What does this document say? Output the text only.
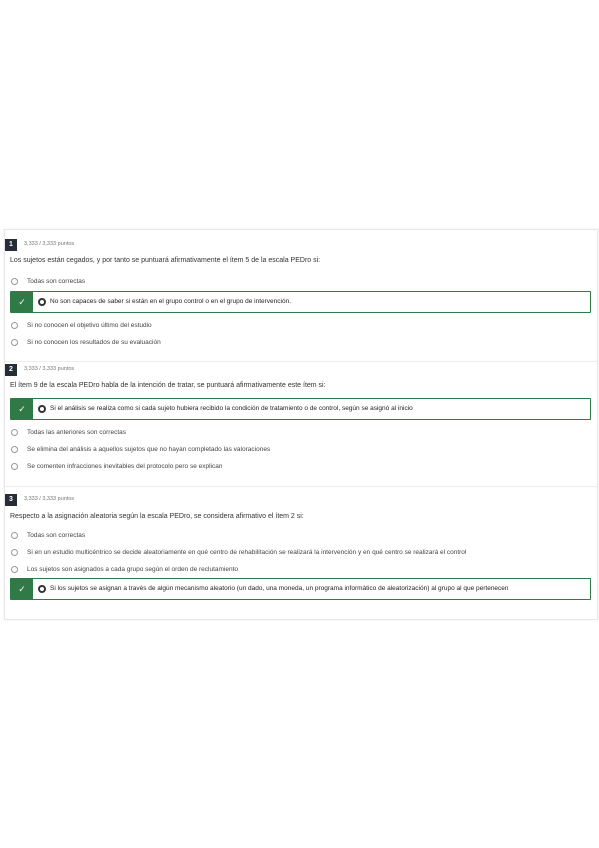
1	3,333 / 3,333 puntos
Los sujetos están cegados, y por tanto se puntuará afirmativamente el ítem 5 de la escala PEDro si:
Todas son correctas
✓	No son capaces de saber si están en el grupo control o en el grupo de intervención.
Si no conocen el objetivo último del estudio
Si no conocen los resultados de su evaluación
2	3,333 / 3,333 puntos
El ítem 9 de la escala PEDro habla de la intención de tratar, se puntuará afirmativamente este ítem si:
✓	Si el análisis se realiza como si cada sujeto hubiera recibido la condición de tratamiento o de control, según se asignó al inicio
Todas las anteriores son correctas
Se elimina del análisis a aquellos sujetos que no hayan completado las valoraciones
Se comenten infracciones inevitables del protocolo pero se explican
3	3,333 / 3,333 puntos
Respecto a la asignación aleatoria según la escala PEDro, se considera afirmativo el ítem 2 si:
Todas son correctas
Si en un estudio multicéntrico se decide aleatoriamente en qué centro de rehabilitación se realizará la intervención y en qué centro se realizará el control
Los sujetos son asignados a cada grupo según el orden de reclutamiento
✓	Si los sujetos se asignan a través de algún mecanismo aleatorio (un dado, una moneda, un programa informático de aleatorización) al grupo al que pertenecen
